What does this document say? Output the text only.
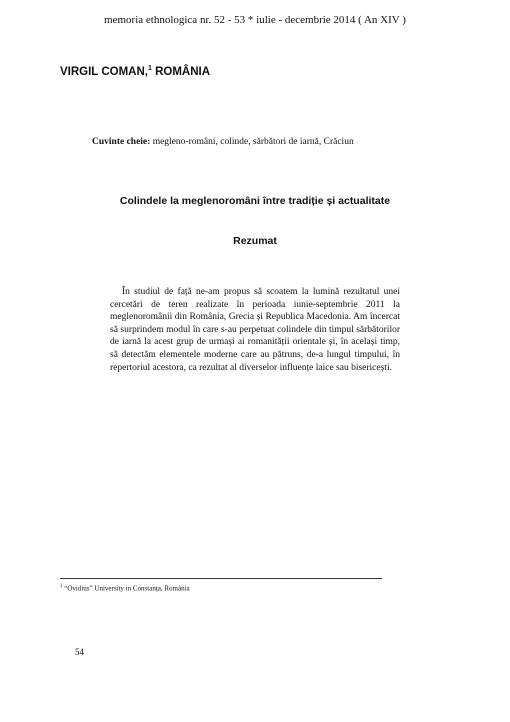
memoria ethnologica nr. 52 - 53 * iulie - decembrie 2014 ( An XIV )
VIRGIL COMAN,$^1$ ROMÂNIA
Cuvinte cheie: megleno-români, colinde, sărbători de iarnă, Crăciun
Colindele la meglenoromâni între tradiție și actualitate
Rezumat
În studiul de față ne-am propus să scoatem la lumină rezultatul unei cercetări de teren realizate în perioada iunie-septembrie 2011 la meglenoromânii din România, Grecia și Republica Macedonia. Am încercat să surprindem modul în care s-au perpetuat colindele din timpul sărbătorilor de iarnă la acest grup de urmași ai romanității orientale și, în același timp, să detectăm elementele moderne care au pătruns, de-a lungul timpului, în repertoriul acestora, ca rezultat al diverselor influențe laice sau bisericești.
$^1$ “Ovidius” University in Constanța, România
54
